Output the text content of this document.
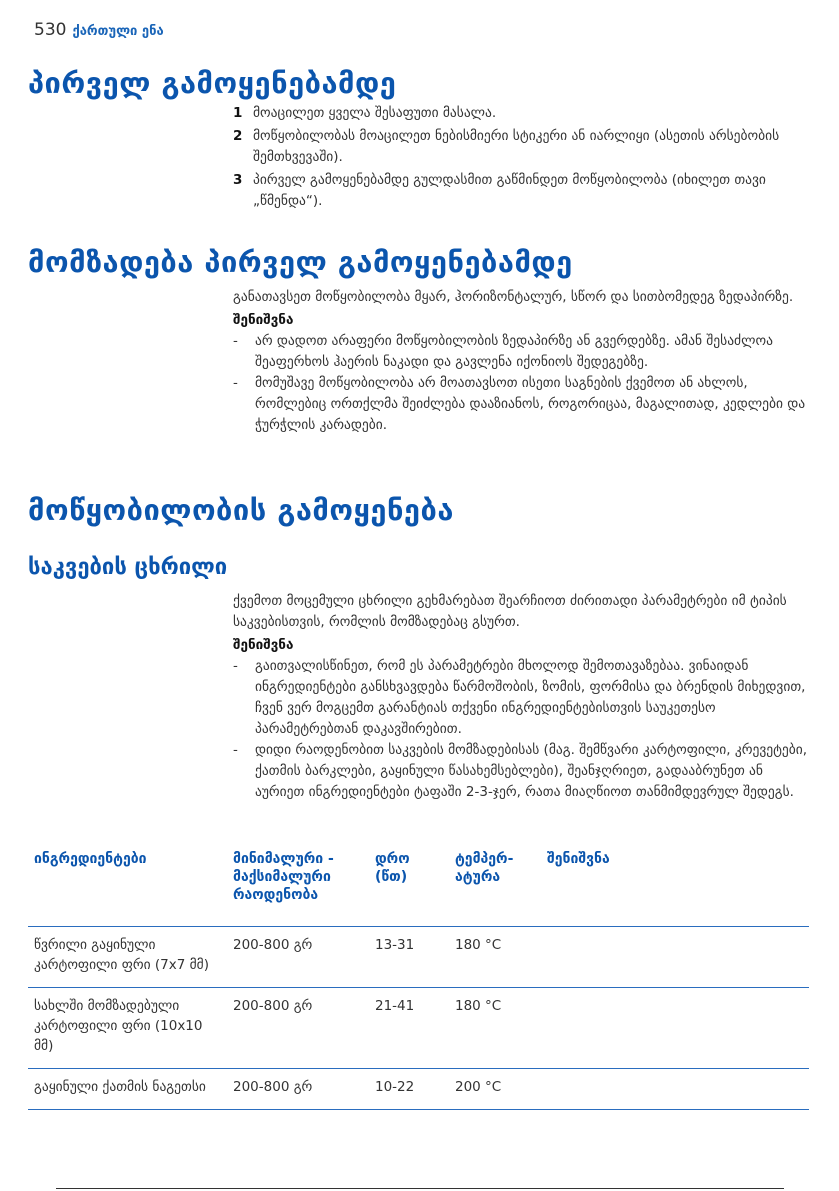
530 ქართული ენა
პირველ გამოყენებამდე
1 მოაცილეთ ყველა შესაფუთი მასალა.
2 მოწყობილობას მოაცილეთ ნებისმიერი სტიკერი ან იარლიყი (ასეთის არსებობის შემთხვევაში).
3 პირველ გამოყენებამდე გულდასმით გაწმინდეთ მოწყობილობა (იხილეთ თავი „წმენდა“).
მომზადება პირველ გამოყენებამდე

განათავსეთ მოწყობილობა მყარ, ჰორიზონტალურ, სწორ და სითბომედეგ ზედაპირზე.

შენიშვნა
-	არ დადოთ არაფერი მოწყობილობის ზედაპირზე ან გვერდებზე. ამან შესაძლოა შეაფერხოს ჰაერის ნაკადი და გავლენა იქონიოს შედეგებზე.
-	მომუშავე მოწყობილობა არ მოათავსოთ ისეთი საგნების ქვემოთ ან ახლოს, რომლებიც ორთქლმა შეიძლება დააზიანოს, როგორიცაა, მაგალითად, კედლები და ჭურჭლის კარადები.
მოწყობილობის გამოყენება
საკვების ცხრილი

ქვემოთ მოცემული ცხრილი გეხმარებათ შეარჩიოთ ძირითადი პარამეტრები იმ ტიპის საკვებისთვის, რომლის მომზადებაც გსურთ.

შენიშვნა
-	გაითვალისწინეთ, რომ ეს პარამეტრები მხოლოდ შემოთავაზებაა. ვინაიდან ინგრედიენტები განსხვავდება წარმოშობის, ზომის, ფორმისა და ბრენდის მიხედვით, ჩვენ ვერ მოგცემთ გარანტიას თქვენი ინგრედიენტებისთვის საუკეთესო პარამეტრებთან დაკავშირებით.
-	დიდი რაოდენობით საკვების მომზადებისას (მაგ. შემწვარი კარტოფილი, კრევეტები, ქათმის ბარკლები, გაყინული წასახემსებლები), შეანჯღრიეთ, გადააბრუნეთ ან აურიეთ ინგრედიენტები ტაფაში 2-3-ჯერ, რათა მიაღწიოთ თანმიმდევრულ შედეგს.
ინგრედიენტები	მინიმალური - მაქსიმალური რაოდენობა	დრო (წთ)	ტემპერ-ატურა	შენიშვნა
წვრილი გაყინული კარტოფილი ფრი (7x7 მმ)	200-800 გრ	13-31	180 °C	
სახლში მომზადებული კარტოფილი ფრი (10x10 მმ)	200-800 გრ	21-41	180 °C	
გაყინული ქათმის ნაგეთსი	200-800 გრ	10-22	200 °C	
